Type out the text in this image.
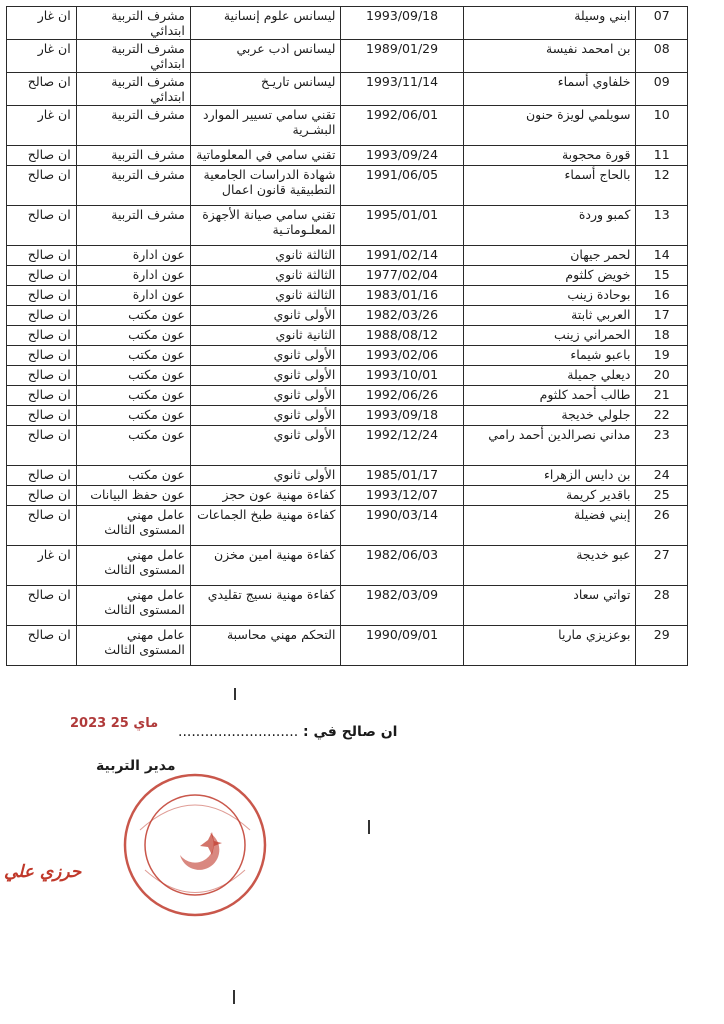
ان غار	مشرف التربية ابتدائي	ليسانس علوم إنسانية	1993/09/18	ابني وسيلة	07
ان غار	مشرف التربية ابتدائي	ليسانس ادب عربي	1989/01/29	بن امحمد نفيسة	08
ان صالح	مشرف التربية ابتدائي	ليسانس تاريـخ	1993/11/14	خلفاوي أسماء	09
ان غار	مشرف التربية	تقني سامي تسيير الموارد البشـرية	1992/06/01	سويلمي لويزة حنون	10
ان صالح	مشرف التربية	تقني سامي في المعلوماتية	1993/09/24	قورة محجوبة	11
ان صالح	مشرف التربية	شهادة الدراسات الجامعية التطبيقية قانون اعمال	1991/06/05	بالحاج أسماء	12
ان صالح	مشرف التربية	تقني سامي صيانة الأجهزة المعلـوماتـية	1995/01/01	كمبو وردة	13
ان صالح	عون ادارة	الثالثة ثانوي	1991/02/14	لحمر جيهان	14
ان صالح	عون ادارة	الثالثة ثانوي	1977/02/04	خويض كلثوم	15
ان صالح	عون ادارة	الثالثة ثانوي	1983/01/16	بوحادة زينب	16
ان صالح	عون مكتب	الأولى ثانوي	1982/03/26	العربي ثابتة	17
ان صالح	عون مكتب	الثانية ثانوي	1988/08/12	الحمراني زينب	18
ان صالح	عون مكتب	الأولى ثانوي	1993/02/06	باعبو شيماء	19
ان صالح	عون مكتب	الأولى ثانوي	1993/10/01	ديعلي جميلة	20
ان صالح	عون مكتب	الأولى ثانوي	1992/06/26	طالب أحمد كلثوم	21
ان صالح	عون مكتب	الأولى ثانوي	1993/09/18	جلولي خديجة	22
ان صالح	عون مكتب	الأولى ثانوي	1992/12/24	مداني نصرالدين أحمد رامي	23
ان صالح	عون مكتب	الأولى ثانوي	1985/01/17	بن دايس الزهراء	24
ان صالح	عون حفظ البيانات	كفاءة مهنية عون حجز	1993/12/07	باقدير كريمة	25
ان صالح	عامل مهني المستوى الثالث	كفاءة مهنية طبخ الجماعات	1990/03/14	إبني فضيلة	26
ان غار	عامل مهني المستوى الثالث	كفاءة مهنية امين مخزن	1982/06/03	عبو خديجة	27
ان صالح	عامل مهني المستوى الثالث	كفاءة مهنية نسيج تقليدي	1982/03/09	تواتي سعاد	28
ان صالح	عامل مهني المستوى الثالث	التحكم مهني محاسبة	1990/09/01	بوعزيزي ماريا	29
2023 ماي 25
ان صالح في : ...........................
مدير التربية
حرزي علي
